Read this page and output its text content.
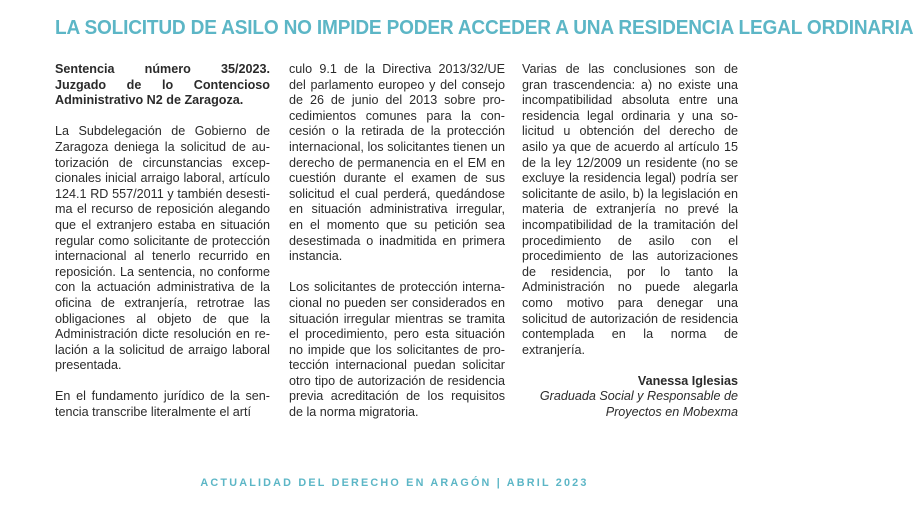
LA SOLICITUD DE ASILO NO IMPIDE PODER ACCEDER A UNA RESIDENCIA LEGAL ORDINARIA

Sentencia número 35/2023. Juzgado de lo Contencioso Administrativo N2 de Zaragoza.

La Subdelegación de Gobierno de Zaragoza deniega la solicitud de autorización de circunstancias excepcionales inicial arraigo laboral, artículo 124.1 RD 557/2011 y también desestima el recurso de reposición alegando que el extranjero estaba en situación regular como solicitante de protección internacional al tenerlo recurrido en reposición. La sentencia, no conforme con la actuación administrativa de la oficina de extranjería, retrotrae las obligaciones al objeto de que la Administración dicte resolución en relación a la solicitud de arraigo laboral presentada.

En el fundamento jurídico de la sentencia transcribe literalmente el artí

culo 9.1 de la Directiva 2013/32/UE del parlamento europeo y del consejo de 26 de junio del 2013 sobre procedimientos comunes para la concesión o la retirada de la protección internacional, los solicitantes tienen un derecho de permanencia en el EM en cuestión durante el examen de sus solicitud el cual perderá, quedándose en situación administrativa irregular, en el momento que su petición sea desestimada o inadmitida en primera instancia.

Los solicitantes de protección internacional no pueden ser considerados en situación irregular mientras se tramita el procedimiento, pero esta situación no impide que los solicitantes de protección internacional puedan solicitar otro tipo de autorización de residencia previa acreditación de los requisitos de la norma migratoria.

Varias de las conclusiones son de gran trascendencia: a) no existe una incompatibilidad absoluta entre una residencia legal ordinaria y una solicitud u obtención del derecho de asilo ya que de acuerdo al artículo 15 de la ley 12/2009 un residente (no se excluye la residencia legal) podría ser solicitante de asilo, b) la legislación en materia de extranjería no prevé la incompatibilidad de la tramitación del procedimiento de asilo con el procedimiento de las autorizaciones de residencia, por lo tanto la Administración no puede alegarla como motivo para denegar una solicitud de autorización de residencia contemplada en la norma de extranjería.

Vanessa Iglesias
Graduada Social y Responsable de Proyectos en Mobexma
ACTUALIDAD DEL DERECHO EN ARAGÓN | ABRIL 2023
